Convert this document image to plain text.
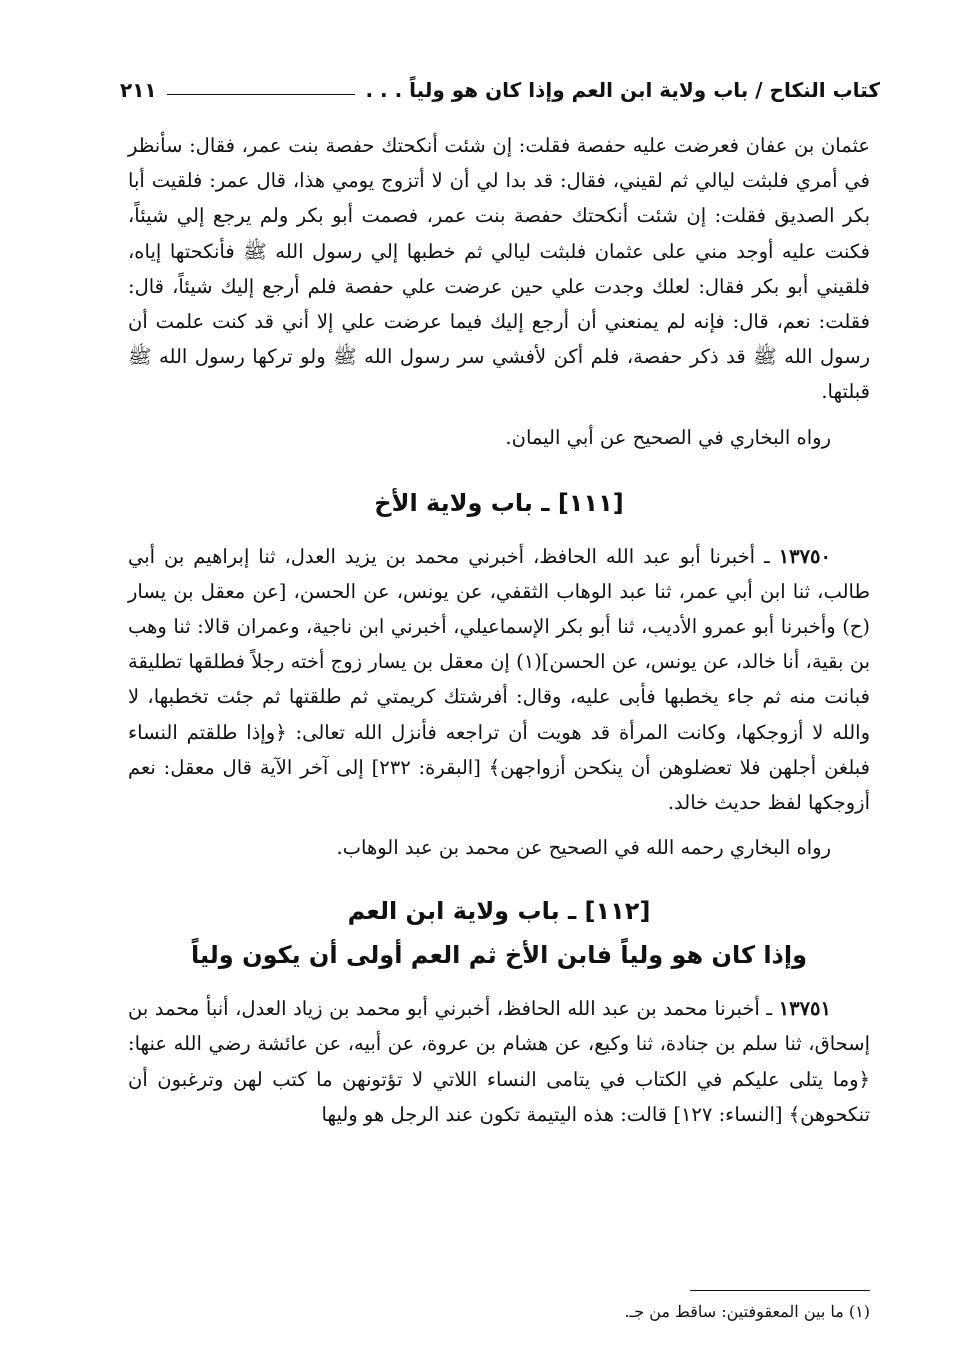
كتاب النكاح / باب ولاية ابن العم وإذا كان هو ولياً . . .
٢١١

عثمان بن عفان فعرضت عليه حفصة فقلت: إن شئت أنكحتك حفصة بنت عمر، فقال: سأنظر في أمري فلبثت ليالي ثم لقيني، فقال: قد بدا لي أن لا أتزوج يومي هذا، قال عمر: فلقيت أبا بكر الصديق فقلت: إن شئت أنكحتك حفصة بنت عمر، فصمت أبو بكر ولم يرجع إلي شيئاً، فكنت عليه أوجد مني على عثمان فلبثت ليالي ثم خطبها إلي رسول الله ﷺ فأنكحتها إياه، فلقيني أبو بكر فقال: لعلك وجدت علي حين عرضت علي حفصة فلم أرجع إليك شيئاً، قال: فقلت: نعم، قال: فإنه لم يمنعني أن أرجع إليك فيما عرضت علي إلا أني قد كنت علمت أن رسول الله ﷺ قد ذكر حفصة، فلم أكن لأفشي سر رسول الله ﷺ ولو تركها رسول الله ﷺ قبلتها.

رواه البخاري في الصحيح عن أبي اليمان.

[١١١] ـ باب ولاية الأخ

١٣٧٥٠ ـ أخبرنا أبو عبد الله الحافظ، أخبرني محمد بن يزيد العدل، ثنا إبراهيم بن أبي طالب، ثنا ابن أبي عمر، ثنا عبد الوهاب الثقفي، عن يونس، عن الحسن، [عن معقل بن يسار (ح) وأخبرنا أبو عمرو الأديب، ثنا أبو بكر الإسماعيلي، أخبرني ابن ناجية، وعمران قالا: ثنا وهب بن بقية، أنا خالد، عن يونس، عن الحسن](١) إن معقل بن يسار زوج أخته رجلاً فطلقها تطليقة فبانت منه ثم جاء يخطبها فأبى عليه، وقال: أفرشتك كريمتي ثم طلقتها ثم جئت تخطبها، لا والله لا أزوجكها، وكانت المرأة قد هويت أن تراجعه فأنزل الله تعالى: ﴿وإذا طلقتم النساء فبلغن أجلهن فلا تعضلوهن أن ينكحن أزواجهن﴾ [البقرة: ٢٣٢] إلى آخر الآية قال معقل: نعم أزوجكها لفظ حديث خالد.

رواه البخاري رحمه الله في الصحيح عن محمد بن عبد الوهاب.

[١١٢] ـ باب ولاية ابن العم
وإذا كان هو ولياً فابن الأخ ثم العم أولى أن يكون ولياً

١٣٧٥١ ـ أخبرنا محمد بن عبد الله الحافظ، أخبرني أبو محمد بن زياد العدل، أنبأ محمد بن إسحاق، ثنا سلم بن جنادة، ثنا وكيع، عن هشام بن عروة، عن أبيه، عن عائشة رضي الله عنها: ﴿وما يتلى عليكم في الكتاب في يتامى النساء اللاتي لا تؤتونهن ما كتب لهن وترغبون أن تنكحوهن﴾ [النساء: ١٢٧] قالت: هذه اليتيمة تكون عند الرجل هو وليها

(١) ما بين المعقوفتين: ساقط من جـ.
